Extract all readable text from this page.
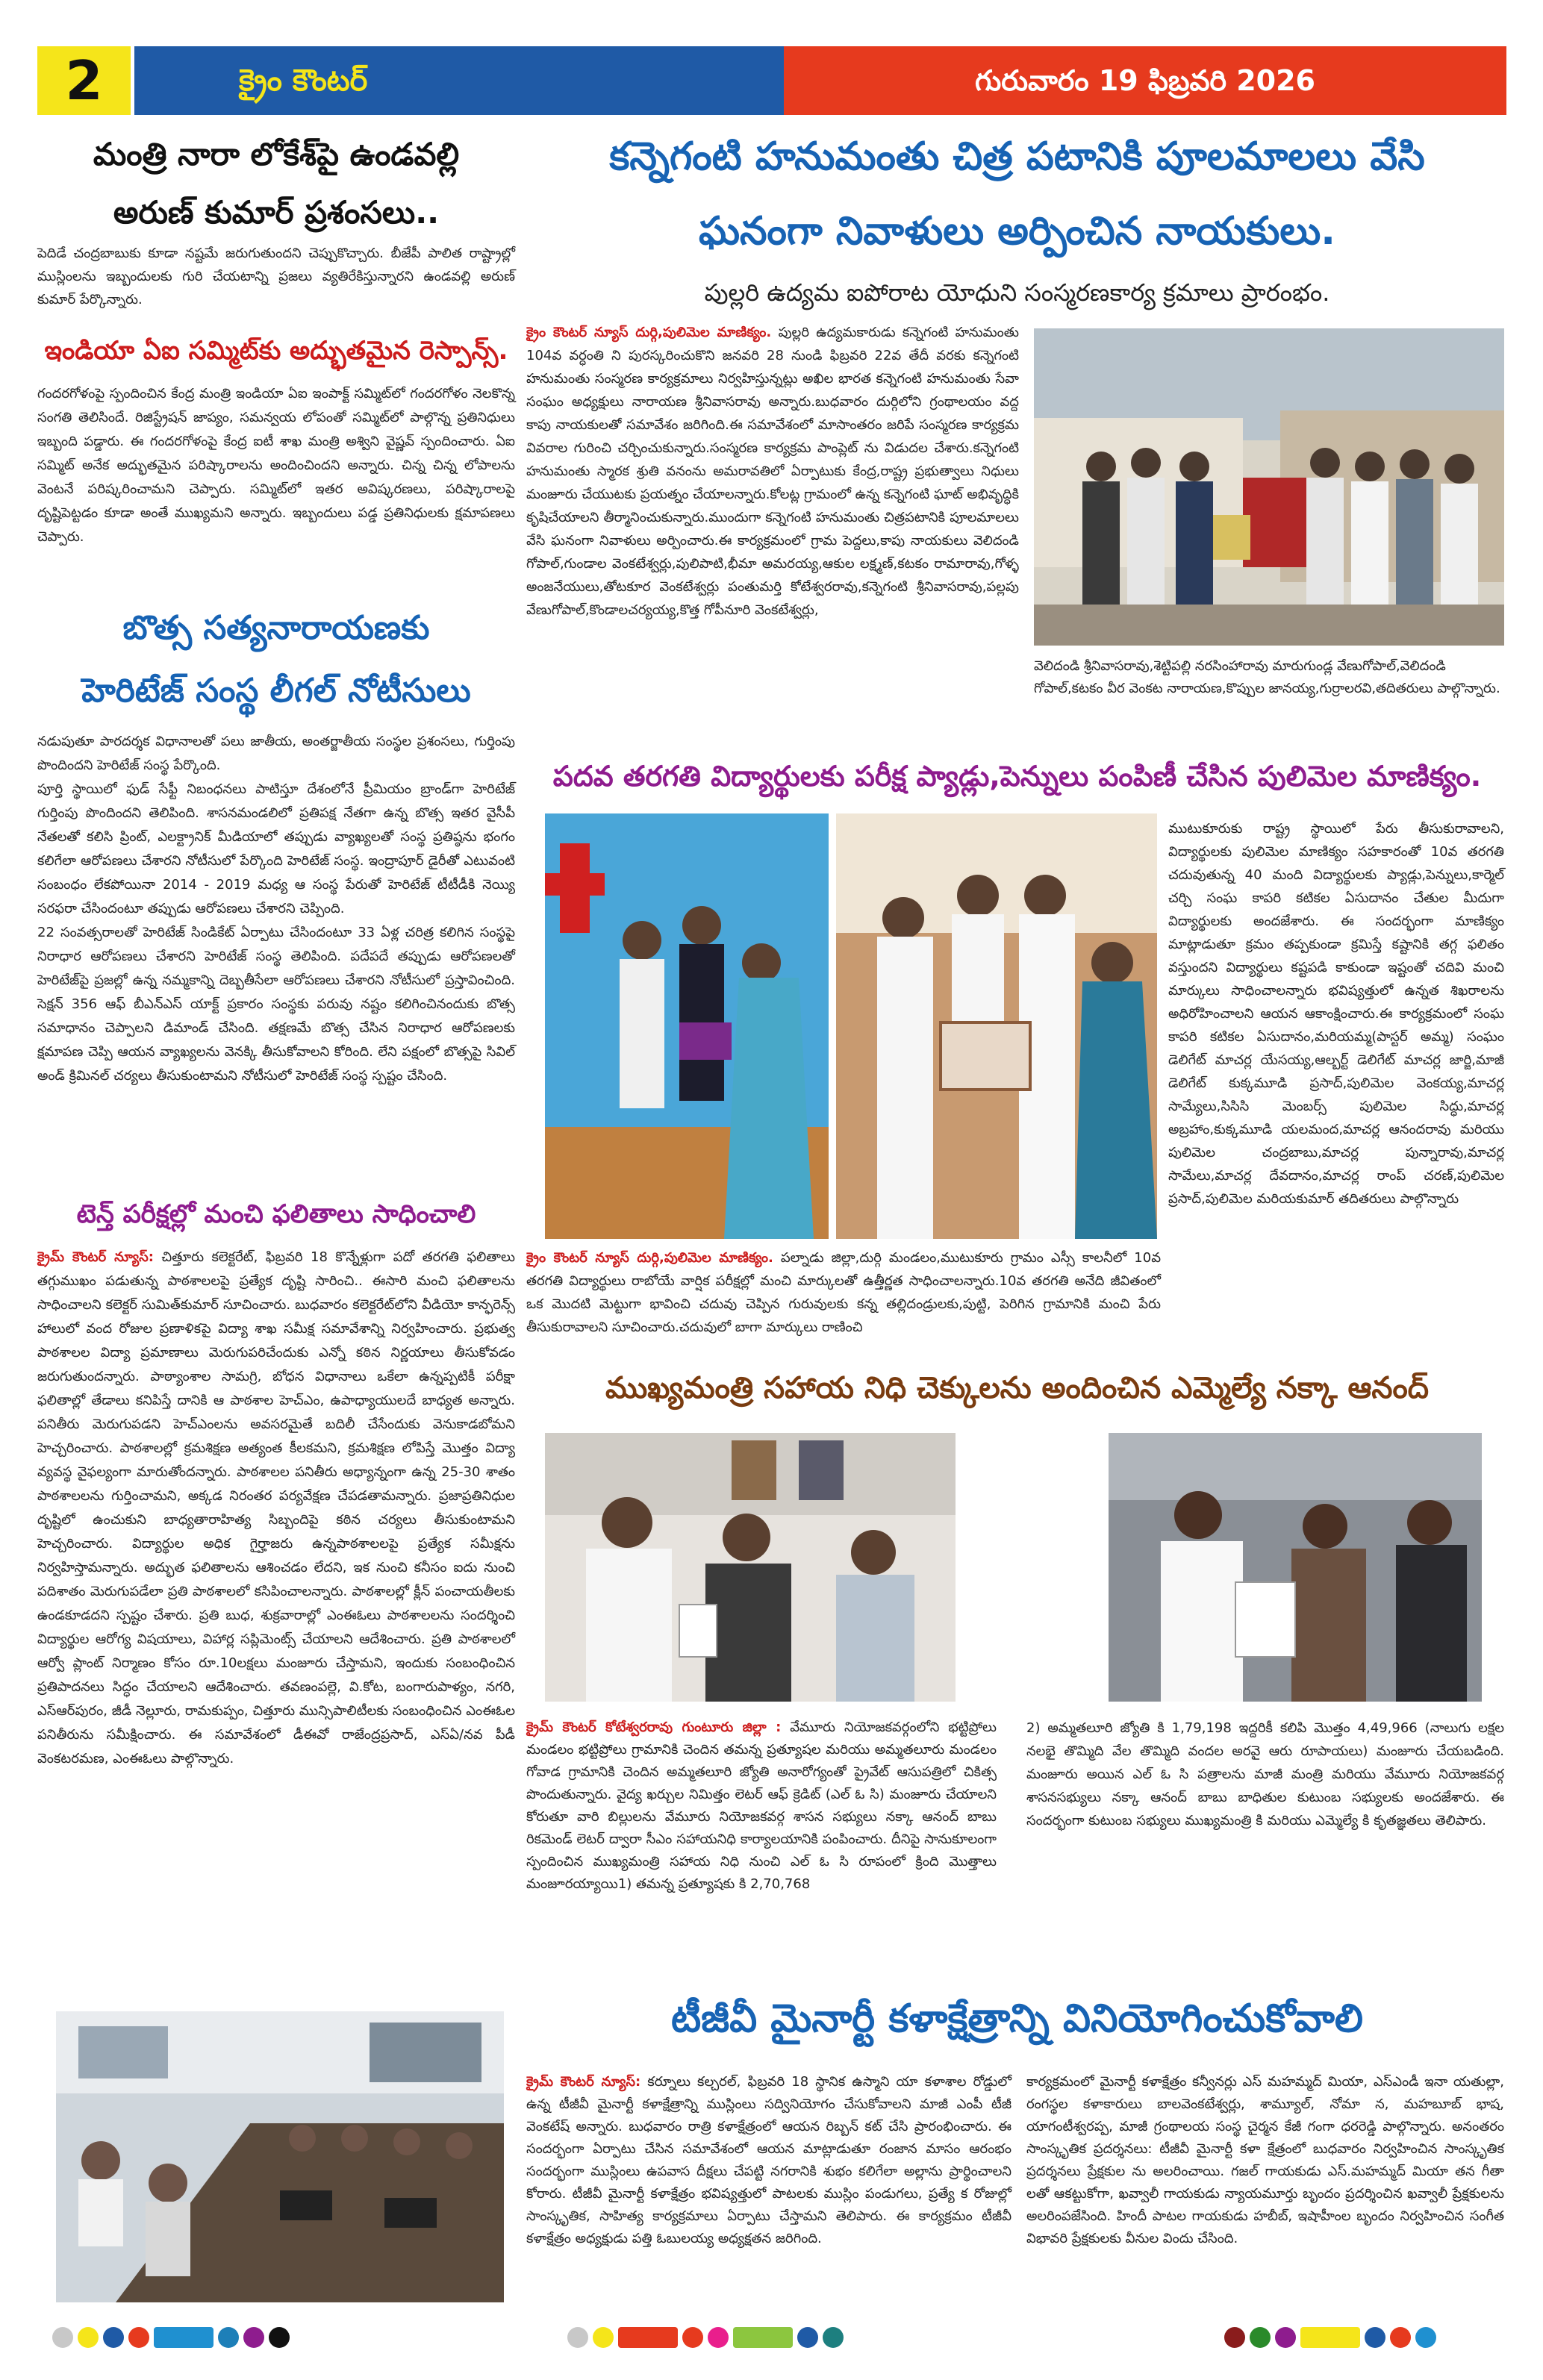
2	క్రైం కౌంటర్	గురువారం 19 ఫిబ్రవరి 2026
మంత్రి నారా లోకేశ్‌పై ఉండవల్లి
అరుణ్ కుమార్ ప్రశంసలు..
పెదిడే చంద్రబాబుకు కూడా నష్టమే జరుగుతుందని చెప్పుకొచ్చారు. బీజేపీ పాలిత రాష్ట్రాల్లో ముస్లింలను ఇబ్బందులకు గురి చేయటాన్ని ప్రజలు వ్యతిరేకిస్తున్నారని ఉండవల్లి అరుణ్ కుమార్ పేర్కొన్నారు.
ఇండియా ఏఐ సమ్మిట్‌కు అద్భుతమైన రెస్పాన్స్.
గందరగోళంపై స్పందించిన కేంద్ర మంత్రి ఇండియా ఏఐ ఇంపాక్ట్ సమ్మిట్‌లో గందరగోళం నెలకొన్న సంగతి తెలిసిందే. రిజిస్ట్రేషన్ జాప్యం, సమన్వయ లోపంతో సమ్మిట్‌లో పాల్గొన్న ప్రతినిధులు ఇబ్బంది పడ్డారు. ఈ గందరగోళంపై కేంద్ర ఐటీ శాఖ మంత్రి అశ్విని వైష్ణవ్ స్పందించారు. ఏఐ సమ్మిట్ అనేక అద్భుతమైన పరిష్కారాలను అందించిందని అన్నారు. చిన్న చిన్న లోపాలను వెంటనే పరిష్కరించామని చెప్పారు. సమ్మిట్‌లో ఇతర అవిష్కరణలు, పరిష్కారాలపై దృష్టిపెట్టడం కూడా అంతే ముఖ్యమని అన్నారు. ఇబ్బందులు పడ్డ ప్రతినిధులకు క్షమాపణలు చెప్పారు.
బొత్స సత్యనారాయణకు
హెరిటేజ్ సంస్థ లీగల్ నోటీసులు
నడుపుతూ పారదర్శక విధానాలతో పలు జాతీయ, అంతర్జాతీయ సంస్థల ప్రశంసలు, గుర్తింపు పొందిందని హెరిటేజ్ సంస్థ పేర్కొంది.
పూర్తి స్థాయిలో ఫుడ్ సేఫ్టీ నిబంధనలు పాటిస్తూ దేశంలోనే ప్రీమియం బ్రాండ్‌గా హెరిటేజ్ గుర్తింపు పొందిందని తెలిపింది. శాసనమండలిలో ప్రతిపక్ష నేతగా ఉన్న బొత్స ఇతర వైసీపీ నేతలతో కలిసి ప్రింట్, ఎలక్ట్రానిక్ మీడియాలో తప్పుడు వ్యాఖ్యలతో సంస్థ ప్రతిష్ఠను భంగం కలిగేలా ఆరోపణలు చేశారని నోటీసులో పేర్కొంది హెరిటేజ్ సంస్థ. ఇంద్రాపూర్ డైరీతో ఎటువంటి సంబంధం లేకపోయినా 2014 - 2019 మధ్య ఆ సంస్థ పేరుతో హెరిటేజ్ టీటీడీకి నెయ్యి సరఫరా చేసిందంటూ తప్పుడు ఆరోపణలు చేశారని చెప్పింది.
22 సంవత్సరాలతో హెరిటేజ్ సిండికేట్ ఏర్పాటు చేసిందంటూ 33 ఏళ్ల చరిత్ర కలిగిన సంస్థపై నిరాధార ఆరోపణలు చేశారని హెరిటేజ్ సంస్థ తెలిపింది. పదేపదే తప్పుడు ఆరోపణలతో హెరిటేజ్‌పై ప్రజల్లో ఉన్న నమ్మకాన్ని దెబ్బతీసేలా ఆరోపణలు చేశారని నోటీసులో ప్రస్తావించింది. సెక్షన్ 356 ఆఫ్ బీఎన్ఎస్ యాక్ట్ ప్రకారం సంస్థకు పరువు నష్టం కలిగించినందుకు బొత్స సమాధానం చెప్పాలని డిమాండ్ చేసింది. తక్షణమే బొత్స చేసిన నిరాధార ఆరోపణలకు క్షమాపణ చెప్పి ఆయన వ్యాఖ్యలను వెనక్కి తీసుకోవాలని కోరింది. లేని పక్షంలో బొత్సపై సివిల్ అండ్ క్రిమినల్ చర్యలు తీసుకుంటామని నోటీసులో హెరిటేజ్ సంస్థ స్పష్టం చేసింది.
టెన్త్ పరీక్షల్లో మంచి ఫలితాలు సాధించాలి
క్రైమ్ కౌంటర్ న్యూస్: చిత్తూరు కలెక్టరేట్, ఫిబ్రవరి 18 కొన్నేళ్లుగా పదో తరగతి ఫలితాలు తగ్గుముఖం పడుతున్న పాఠశాలలపై ప్రత్యేక దృష్టి సారించి.. ఈసారి మంచి ఫలితాలను సాధించాలని కలెక్టర్ సుమిత్‌కుమార్ సూచించారు. బుధవారం కలెక్టరేట్‌లోని వీడియో కాన్ఫరెన్స్ హాలులో వంద రోజుల ప్రణాళికపై విద్యా శాఖ సమీక్ష సమావేశాన్ని నిర్వహించారు. ప్రభుత్వ పాఠశాలల విద్యా ప్రమాణాలు మెరుగుపరిచేందుకు ఎన్నో కఠిన నిర్ణయాలు తీసుకోవడం జరుగుతుందన్నారు. పాఠ్యాంశాల సామగ్రి, బోధన విధానాలు ఒకేలా ఉన్నప్పటికీ పరీక్షా ఫలితాల్లో తేడాలు కనిపిస్తే దానికి ఆ పాఠశాల హెచ్ఎం, ఉపాధ్యాయులదే బాధ్యత అన్నారు. పనితీరు మెరుగుపడని హెచ్ఎంలను అవసరమైతే బదిలీ చేసేందుకు వెనుకాడబోమని హెచ్చరించారు. పాఠశాలల్లో క్రమశిక్షణ అత్యంత కీలకమని, క్రమశిక్షణ లోపిస్తే మొత్తం విద్యా వ్యవస్థ వైఫల్యంగా మారుతోందన్నారు. పాఠశాలల పనితీరు అధ్యాన్నంగా ఉన్న 25-30 శాతం పాఠశాలలను గుర్తించామని, అక్కడ నిరంతర పర్యవేక్షణ చేపడతామన్నారు. ప్రజాప్రతినిధుల దృష్టిలో ఉంచుకుని బాధ్యతారాహిత్య సిబ్బందిపై కఠిన చర్యలు తీసుకుంటామని హెచ్చరించారు. విద్యార్థుల అధిక గైర్హాజరు ఉన్నపాఠశాలలపై ప్రత్యేక సమీక్షను నిర్వహిస్తామన్నారు. అద్భుత ఫలితాలను ఆశించడం లేదని, ఇక నుంచి కనీసం ఐదు నుంచి పదిశాతం మెరుగుపడేలా ప్రతి పాఠశాలలో కసిపించాలన్నారు. పాఠశాలల్లో క్లీన్ పంచాయతీలకు ఉండకూడదని స్పష్టం చేశారు. ప్రతి బుధ, శుక్రవారాల్లో ఎంఈఓలు పాఠశాలలను సందర్శించి విద్యార్థుల ఆరోగ్య విషయాలు, విహార్ల సప్లిమెంట్స్ చేయాలని ఆదేశించారు. ప్రతి పాఠశాలలో ఆర్వో ప్లాంట్ నిర్మాణం కోసం రూ.10లక్షలు మంజూరు చేస్తామని, ఇందుకు సంబంధించిన ప్రతిపాదనలు సిద్ధం చేయాలని ఆదేశించారు. తవణంపల్లె, వి.కోట, బంగారుపాళ్యం, నగరి, ఎస్ఆర్‌పురం, జీడీ నెల్లూరు, రామకుప్పం, చిత్తూరు మున్సిపాలిటీలకు సంబంధించిన ఎంఈఓల పనితీరును సమీక్షించారు. ఈ సమావేశంలో డీఈవో రాజేంద్రప్రసాద్, ఎస్ఏ/నవ పీడీ వెంకటరమణ, ఎంఈఓలు పాల్గొన్నారు.
కన్నెగంటి హనుమంతు చిత్ర పటానికి పూలమాలలు వేసి
ఘనంగా నివాళులు అర్పించిన నాయకులు.
పుల్లరి ఉద్యమ ఐపోరాట యోధుని సంస్మరణకార్య క్రమాలు ప్రారంభం.
క్రైం కౌంటర్ న్యూస్ దుర్గి,పులిమెల మాణిక్యం. పుల్లరి ఉద్యమకారుడు కన్నెగంటి హనుమంతు 104వ వర్ధంతి ని పురస్కరించుకొని జనవరి 28 నుండి ఫిబ్రవరి 22వ తేదీ వరకు కన్నెగంటి హనుమంతు సంస్మరణ కార్యక్రమాలు నిర్వహిస్తున్నట్లు అఖిల భారత కన్నెగంటి హనుమంతు సేవా సంఘం అధ్యక్షులు నారాయణ శ్రీనివాసరావు అన్నారు.బుధవారం దుర్గిలోని గ్రంథాలయం వద్ద కాపు నాయకులతో సమావేశం జరిగింది.ఈ సమావేశంలో మాసాంతరం జరిపే సంస్మరణ కార్యక్రమ వివరాల గురించి చర్చించుకున్నారు.సంస్మరణ కార్యక్రమ పాంప్లెట్ ను విడుదల చేశారు.కన్నెగంటి హనుమంతు స్మారక శ్రుతి వనంను అమరావతిలో ఏర్పాటుకు కేంద్ర,రాష్ట్ర ప్రభుత్వాలు నిధులు మంజూరు చేయుటకు ప్రయత్నం చేయాలన్నారు.కోలట్ల గ్రామంలో ఉన్న కన్నెగంటి ఘాట్ అభివృద్ధికి కృషిచేయాలని తీర్మానించుకున్నారు.ముందుగా కన్నెగంటి హనుమంతు చిత్రపటానికి పూలమాలలు వేసి ఘనంగా నివాళులు అర్పించారు.ఈ కార్యక్రమంలో గ్రామ పెద్దలు,కాపు నాయకులు వెలిదండి గోపాల్,గుండాల వెంకటేశ్వర్లు,పులిపాటి,భీమా అమరయ్య,ఆకుల లక్ష్మణ్,కటకం రామారావు,గోళ్ళ అంజనేయులు,తోటకూర వెంకటేశ్వర్లు పంతుమర్తి కోటేశ్వరరావు,కన్నెగంటి శ్రీనివాసరావు,పల్లపు వేణుగోపాల్,కొండాలచర్యయ్య,కొత్త గోపీనూరి వెంకటేశ్వర్లు,
వెలిదండి శ్రీనివాసరావు,శెట్టిపల్లి నరసింహారావు మారుగుండ్ల వేణుగోపాల్,వెలిదండి గోపాల్,కటకం వీర వెంకట నారాయణ,కొప్పుల జానయ్య,గుర్రాలరవి,తదితరులు పాల్గొన్నారు.
పదవ తరగతి విద్యార్థులకు పరీక్ష ప్యాడ్లు,పెన్నులు పంపిణీ చేసిన పులిమెల మాణిక్యం.
ముటుకూరుకు రాష్ట్ర స్థాయిలో పేరు తీసుకురావాలని, విద్యార్థులకు పులిమెల మాణిక్యం సహకారంతో 10వ తరగతి చదువుతున్న 40 మంది విద్యార్థులకు ప్యాడ్లు,పెన్నులు,కార్మెల్ చర్చి సంఘ కాపరి కటికల ఏసుదానం చేతుల మీదుగా విద్యార్థులకు అందజేశారు. ఈ సందర్భంగా మాణిక్యం మాట్లాడుతూ క్రమం తప్పకుండా క్రమిస్తే కష్టానికి తగ్గ ఫలితం వస్తుందని విద్యార్థులు కష్టపడి కాకుండా ఇష్టంతో చదివి మంచి మార్కులు సాధించాలన్నారు భవిష్యత్తులో ఉన్నత శిఖరాలను అధిరోహించాలని ఆయన ఆకాంక్షించారు.ఈ కార్యక్రమంలో సంఘ కాపరి కటికల ఏసుదానం,మరియమ్మ(పాస్టర్ అమ్మ) సంఘం డెలిగేట్ మాచర్ల యేసయ్య,ఆల్బర్ట్ డెలిగేట్ మాచర్ల జార్జి,మాజీ డెలిగేట్ కుక్కమూడి ప్రసాద్,పులిమెల వెంకయ్య,మాచర్ల సామ్యేలు,సిసిసి మెంబర్స్ పులిమెల సిద్ధు,మాచర్ల అబ్రహాం,కుక్కమూడి యలమంద,మాచర్ల ఆనందరావు మరియు పులిమెల చంద్రబాబు,మాచర్ల పున్నారావు,మాచర్ల సామేలు,మాచర్ల దేవదానం,మాచర్ల రాంప్ చరణ్,పులిమెల ప్రసాద్,పులిమెల మరియకుమార్ తదితరులు పాల్గొన్నారు
క్రైం కౌంటర్ న్యూస్ దుర్గి,పులిమెల మాణిక్యం. పల్నాడు జిల్లా,దుర్గి మండలం,ముటుకూరు గ్రామం ఎస్సీ కాలనీలో 10వ తరగతి విద్యార్థులు రాబోయే వార్షిక పరీక్షల్లో మంచి మార్కులతో ఉత్తీర్ణత సాధించాలన్నారు.10వ తరగతి అనేది జీవితంలో ఒక మొదటి మెట్టుగా భావించి చదువు చెప్పిన గురువులకు కన్న తల్లిదండ్రులకు,పుట్టి, పెరిగిన గ్రామానికి మంచి పేరు తీసుకురావాలని సూచించారు.చదువులో బాగా మార్కులు రాణించి
ముఖ్యమంత్రి సహాయ నిధి చెక్కులను అందించిన ఎమ్మెల్యే నక్కా ఆనంద్
క్రైమ్ కౌంటర్ కోటేశ్వరరావు గుంటూరు జిల్లా : వేమూరు నియోజకవర్గంలోని భట్టిప్రోలు మండలం భట్టిప్రోలు గ్రామానికి చెందిన తమన్న ప్రత్యూషల మరియు అమ్మతలూరు మండలం గోవాడ గ్రామానికి చెందిన అమ్మతలూరి జ్యోతి అనారోగ్యంతో ప్రైవేట్ ఆసుపత్రిలో చికిత్స పొందుతున్నారు. వైద్య ఖర్చుల నిమిత్తం లెటర్ ఆఫ్ క్రెడిట్ (ఎల్ ఓ సి) మంజూరు చేయాలని కోరుతూ వారి బిల్లులను వేమూరు నియోజకవర్గ శాసన సభ్యులు నక్కా ఆనంద్ బాబు రికమెండ్ లెటర్ ద్వారా సీఎం సహాయనిధి కార్యాలయానికి పంపించారు. దీనిపై సానుకూలంగా స్పందించిన ముఖ్యమంత్రి సహాయ నిధి నుంచి ఎల్ ఓ సి రూపంలో క్రింది మొత్తాలు మంజూరయ్యాయి1) తమన్న ప్రత్యూషకు కి 2,70,768
2) అమ్మతలూరి జ్యోతి కి 1,79,198 ఇద్దరికీ కలిపి మొత్తం 4,49,966 (నాలుగు లక్షల నలభై తొమ్మిది వేల తొమ్మిది వందల అరవై ఆరు రూపాయలు) మంజూరు చేయబడింది. మంజూరు అయిన ఎల్ ఓ సి పత్రాలను మాజీ మంత్రి మరియు వేమూరు నియోజకవర్గ శాసనసభ్యులు నక్కా ఆనంద్ బాబు బాధితుల కుటుంబ సభ్యులకు అందజేశారు. ఈ సందర్భంగా కుటుంబ సభ్యులు ముఖ్యమంత్రి కి మరియు ఎమ్మెల్యే కి కృతజ్ఞతలు తెలిపారు.
టీజీవీ మైనార్టీ కళాక్షేత్రాన్ని వినియోగించుకోవాలి
క్రైమ్ కౌంటర్ న్యూస్: కర్నూలు కల్చరల్, ఫిబ్రవరి 18 స్థానిక ఉస్మాని యా కళాశాల రోడ్డులో ఉన్న టీజీవీ మైనార్టీ కళాక్షేత్రాన్ని ముస్లింలు సద్వినియోగం చేసుకోవాలని మాజీ ఎంపీ టీజీ వెంకటేష్ అన్నారు. బుధవారం రాత్రి కళాక్షేత్రంలో ఆయన రిబ్బన్ కట్ చేసి ప్రారంభించారు. ఈ సందర్భంగా ఏర్పాటు చేసిన సమావేశంలో ఆయన మాట్లాడుతూ రంజాన మాసం ఆరంభం సందర్భంగా ముస్లింలు ఉపవాస దీక్షలు చేపట్టి నగరానికి శుభం కలిగేలా అల్లాను ప్రార్థించాలని కోరారు. టీజీవీ మైనార్టీ కళాక్షేత్రం భవిష్యత్తులో పాటలకు ముస్లిం పండుగలు, ప్రత్యే క రోజుల్లో సాంస్కృతిక, సాహిత్య కార్యక్రమాలు ఏర్పాటు చేస్తామని తెలిపారు. ఈ కార్యక్రమం టీజీవీ కళాక్షేత్రం అధ్యక్షుడు పత్తి ఓబులయ్య అధ్యక్షతన జరిగింది.
కార్యక్రమంలో మైనార్టీ కళాక్షేత్రం కన్వీనర్లు ఎస్ మహమ్మద్ మియా, ఎస్ఎండీ ఇనా యతుల్లా, రంగస్థల కళాకారులు బాలవెంకటేశ్వర్లు, శామ్యూల్, నోమా న, మహబూబ్ భాష, యాగంటీశ్వరప్ప, మాజీ గ్రంథాలయ సంస్థ చైర్మన కేజీ గంగా ధరరెడ్డి పాల్గొన్నారు. అనంతరం సాంస్కృతిక ప్రదర్శనలు: టీజీవీ మైనార్టీ కళా క్షేత్రంలో బుధవారం నిర్వహించిన సాంస్కృతిక ప్రదర్శనలు ప్రేక్షకుల ను అలరించాయి. గజల్ గాయకుడు ఎస్.మహమ్మద్ మియా తన గీతా లతో ఆకట్టుకోగా, ఖవ్వాలీ గాయకుడు న్యాయమూర్తు బృందం ప్రదర్శించిన ఖవ్వాలీ ప్రేక్షకులను అలరింపజేసింది. హిందీ పాటల గాయకుడు హబీబ్, ఇషాహీంల బృందం నిర్వహించిన సంగీత విభావరి ప్రేక్షకులకు వీనుల విందు చేసింది.
